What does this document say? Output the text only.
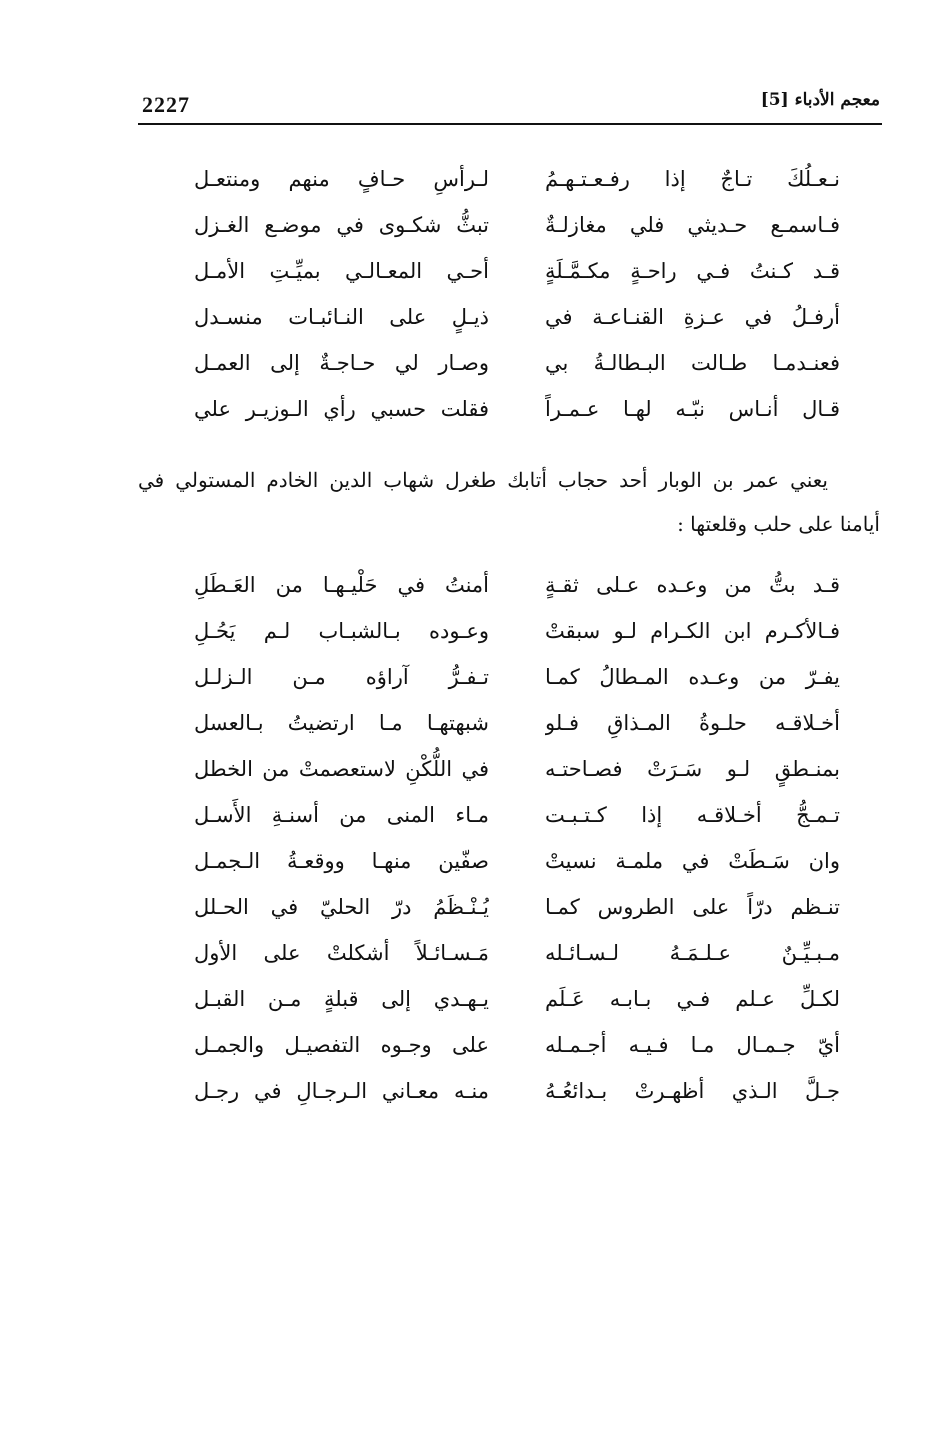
2227	معجم الأدباء [5]
نـعـلُكَ تـاجٌ إذا رفـعـتـهـمُ
لـرأسِ حـافٍ منهم ومنتعـل
فـاسمـع حـديثي فلي مغازلـةٌ
تبثُّ شكـوى في موضـع الغـزل
قـد كـنتُ فـي راحـةٍ مكـمَّـلَةٍ
أحـي المعـالـي بميِّـتِ الأمـل
أرفـلُ في عـزةِ القنـاعـة في
ذيـلٍ على النـائبـات منسـدل
فعنـدمـا طـالت البـطالـةُ بي
وصـار لي حـاجـةٌ إلى العمـل
قـال أنـاس نبّـه لهـا عـمـراً
فقلت حسبي رأي الـوزيـر علي
يعني عمر بن الوبار أحد حجاب أتابك طغرل شهاب الدين الخادم المستولي في
أيامنا على حلب وقلعتها :
قـد بتُّ من وعـده عـلى ثقـةٍ
أمنتُ في حَلْيـهـا من العَـطَلِ
فـالأكـرم ابن الكـرام لـو سبقتْ
وعـوده بـالشبـاب لـم يَحُـلِ
يفـرّ من وعـده المـطالُ كمـا
تـفـرُّ آراؤه مـن الـزلـل
أخـلاقـه حلـوةُ المـذاقِ فـلو
شبهتهـا مـا ارتضيتُ بـالعسل
بمنـطقٍ لـو سَـرَتْ فصـاحتـه
في اللُّكْنِ لاستعصمتْ من الخطل
تـمـجُّ أخـلاقـه إذا كـتـبـت
مـاء المنى من أسنـةِ الأَسـل
وان سَـطَتْ في ملمـة نسيتْ
صفّين منهـا ووقعـةُ الـجمـل
تنـظم درّاً على الطروس كمـا
يُـنْـظَمُ درّ الحليّ في الحـلل
مـبـيِّـنٌ عـلـمَـهُ لـسـائـله
مَـسـائـلاً أشكلتْ على الأول
لكـلِّ عـلم فـي بـابـه عَـلَم
يـهـدي إلى قبلةٍ مـن القبـل
أيّ جـمـال مـا فـيـه أجـمـله
على وجـوه التفصيـل والجمـل
جـلَّ الـذي أظهـرتْ بـدائعُـهُ
منـه معـاني الـرجـالِ في رجـل
